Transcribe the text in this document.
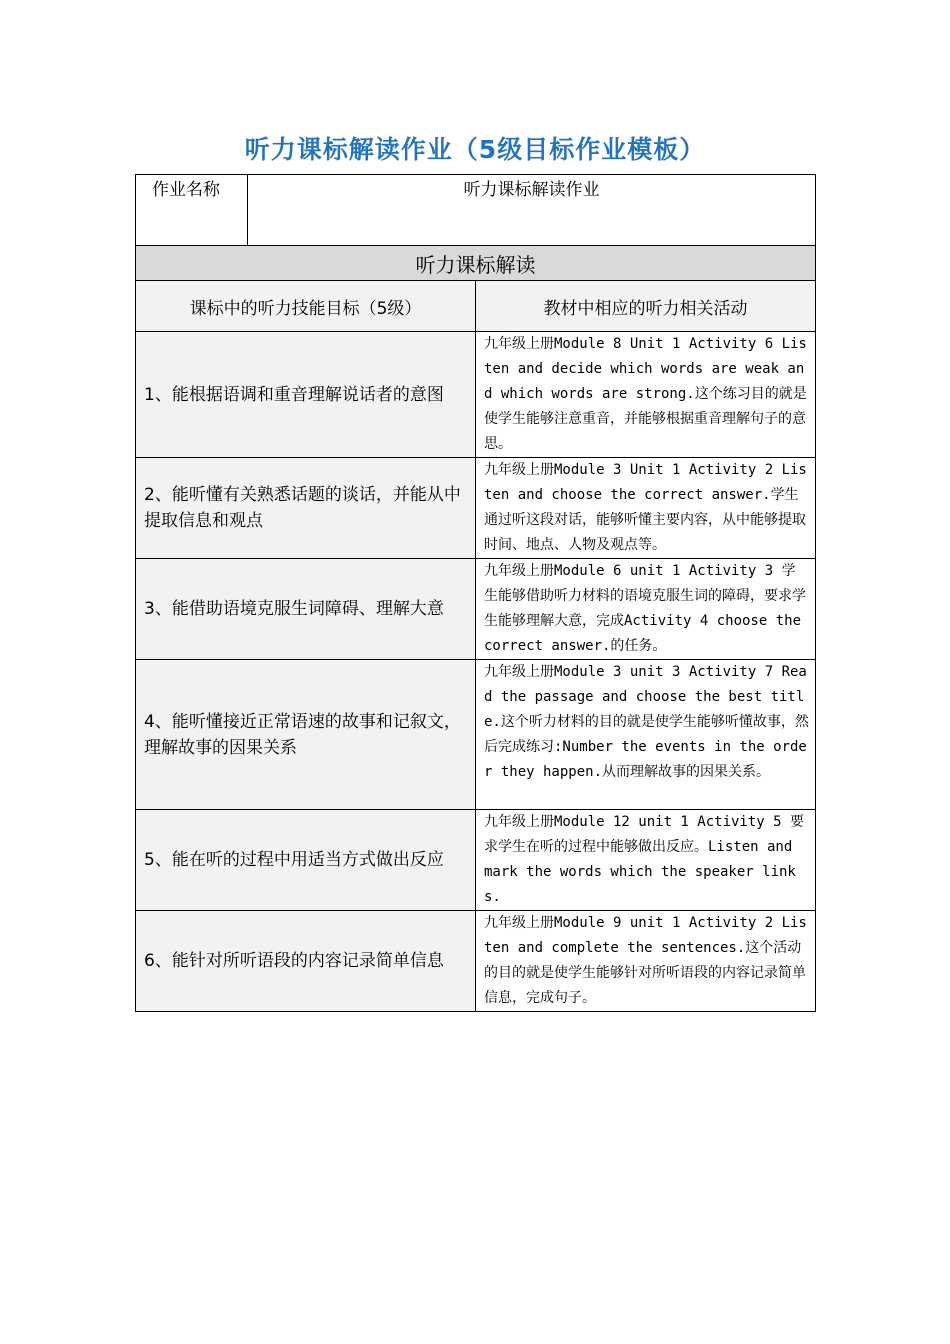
听力课标解读作业（5级目标作业模板）
作业名称	听力课标解读作业	
听力课标解读		
课标中的听力技能目标（5级）		教材中相应的听力相关活动
1、能根据语调和重音理解说话者的意图		九年级上册Module 8 Unit 1 Activity 6 Listen and decide which words are weak and which words are strong.这个练习目的就是使学生能够注意重音，并能够根据重音理解句子的意思。
2、能听懂有关熟悉话题的谈话，并能从中提取信息和观点		九年级上册Module 3 Unit 1 Activity 2 Listen and choose the correct answer.学生通过听这段对话，能够听懂主要内容，从中能够提取时间、地点、人物及观点等。
3、能借助语境克服生词障碍、理解大意		九年级上册Module 6 unit 1 Activity 3 学生能够借助听力材料的语境克服生词的障碍，要求学生能够理解大意，完成Activity 4 choose the correct answer.的任务。
4、能听懂接近正常语速的故事和记叙文，理解故事的因果关系		九年级上册Module 3 unit 3 Activity 7 Read the passage and choose the best title.这个听力材料的目的就是使学生能够听懂故事，然后完成练习:Number the events in the order they happen.从而理解故事的因果关系。
5、能在听的过程中用适当方式做出反应		九年级上册Module 12 unit 1 Activity 5 要求学生在听的过程中能够做出反应。Listen and mark the words which the speaker links.
6、能针对所听语段的内容记录简单信息		九年级上册Module 9 unit 1 Activity 2 Listen and complete the sentences.这个活动的目的就是使学生能够针对所听语段的内容记录简单信息，完成句子。
